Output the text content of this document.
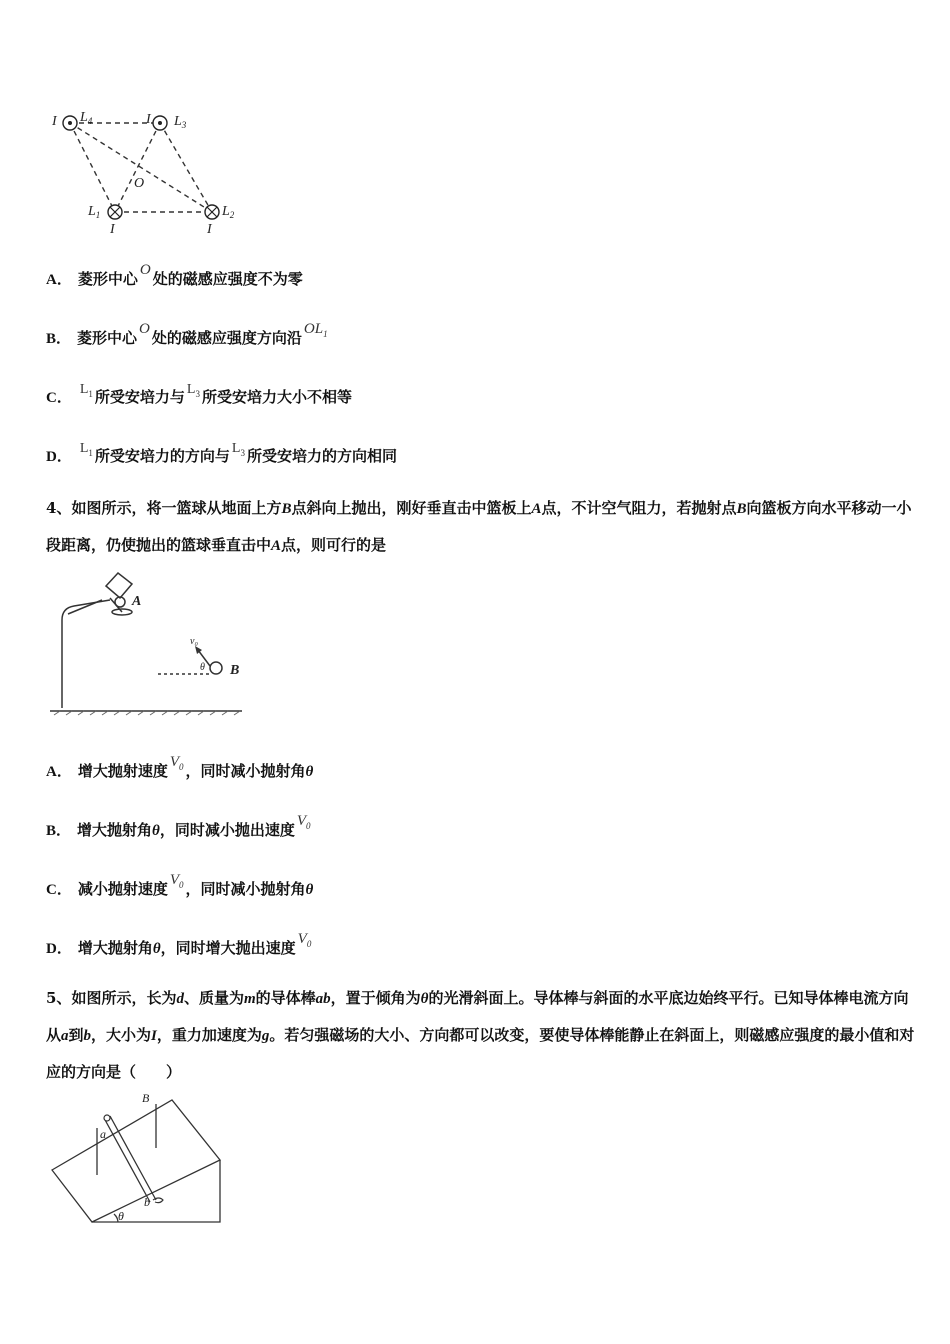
I $L_4$	I $L_3$
O
$L_1$
I
$L_2$
I
A． 菱形中心 O 处的磁感应强度不为零
B． 菱形中心 O 处的磁感应强度方向沿 $OL_1$
C．$L_1$ 所受安培力与 $L_3$ 所受安培力大小不相等
D．$L_1$ 所受安培力的方向与 $L_3$ 所受安培力的方向相同
4、如图所示，将一篮球从地面上方B点斜向上抛出，刚好垂直击中篮板上A点，不计空气阻力，若抛射点B向篮板方向水平移动一小段距离，仍使抛出的篮球垂直击中A点，则可行的是
A
B
v₀
θ
A． 增大抛射速度 $V_0$ ，同时减小抛射角θ
B． 增大抛射角θ，同时减小抛出速度 $V_0$
C． 减小抛射速度 $V_0$ ，同时减小抛射角θ
D． 增大抛射角θ，同时增大抛出速度 $V_0$
5、如图所示，长为d、质量为m的导体棒ab，置于倾角为θ的光滑斜面上。导体棒与斜面的水平底边始终平行。已知导体棒电流方向从a到b，大小为I，重力加速度为g。若匀强磁场的大小、方向都可以改变，要使导体棒能静止在斜面上，则磁感应强度的最小值和对应的方向是（　　）
B
a
b
θ
